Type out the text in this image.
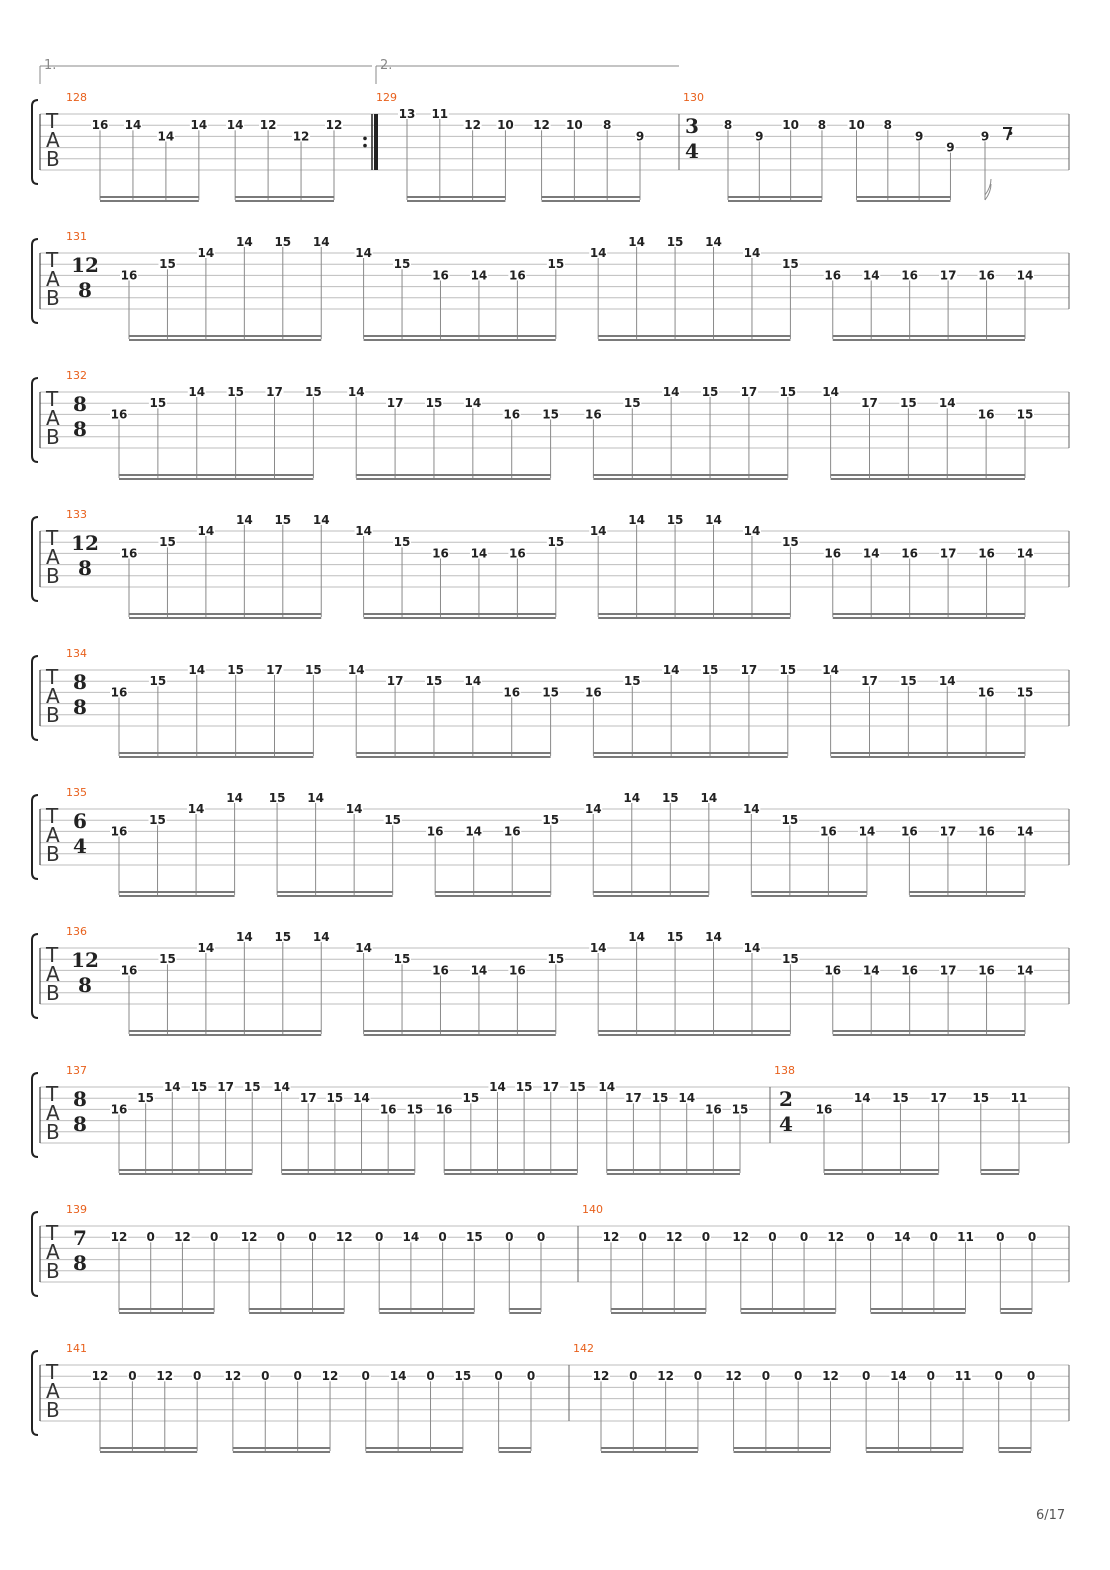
1.	2.
T
A
B
128
16 14
14
14 14 12
12
12
129
13 11
12 10 12 10 8
9
130
3
4
8
9
10 8 10 8
9
9
9 ·
T
A
B
131
12
8
16
15
14
14 15 14
14
15
16 14 16
15
14
14 15 14
14
15
16 14 16 17 16 14
T
A
B
132
8
8
16
15
14 15 17 15 14
17 15 14
16 15 16
15
14 15 17 15 14
17 15 14
16 15
T
A
B
133
12
8
16
15
14
14 15 14
14
15
16 14 16
15
14
14 15 14
14
15
16 14 16 17 16 14
T
A
B
134
8
8
16
15
14 15 17 15 14
17 15 14
16 15 16
15
14 15 17 15 14
17 15 14
16 15
T
A
B
135
6
4
16
15
14
14 15 14
14
15
16 14 16
15
14
14 15 14
14
15
16 14 16 17 16 14
T
A
B
136
12
8
16
15
14
14 15 14
14
15
16 14 16
15
14
14 15 14
14
15
16 14 16 17 16 14
T
A
B
137
8
8
16
15
14 15 17 15 14
17 15 14
16 15 16
15
14 15 17 15 14
17 15 14
16 15
138
2
4
16
14 15 17 15 11
T
A
B
139
7
8
12 0 12 0 12 0 0 12 0 14 0 15 0 0
140
12 0 12 0 12 0 0 12 0 14 0 11 0 0
T
A
B
141
12 0 12 0 12 0 0 12 0 14 0 15 0 0
142
12 0 12 0 12 0 0 12 0 14 0 11 0 0
6/17
